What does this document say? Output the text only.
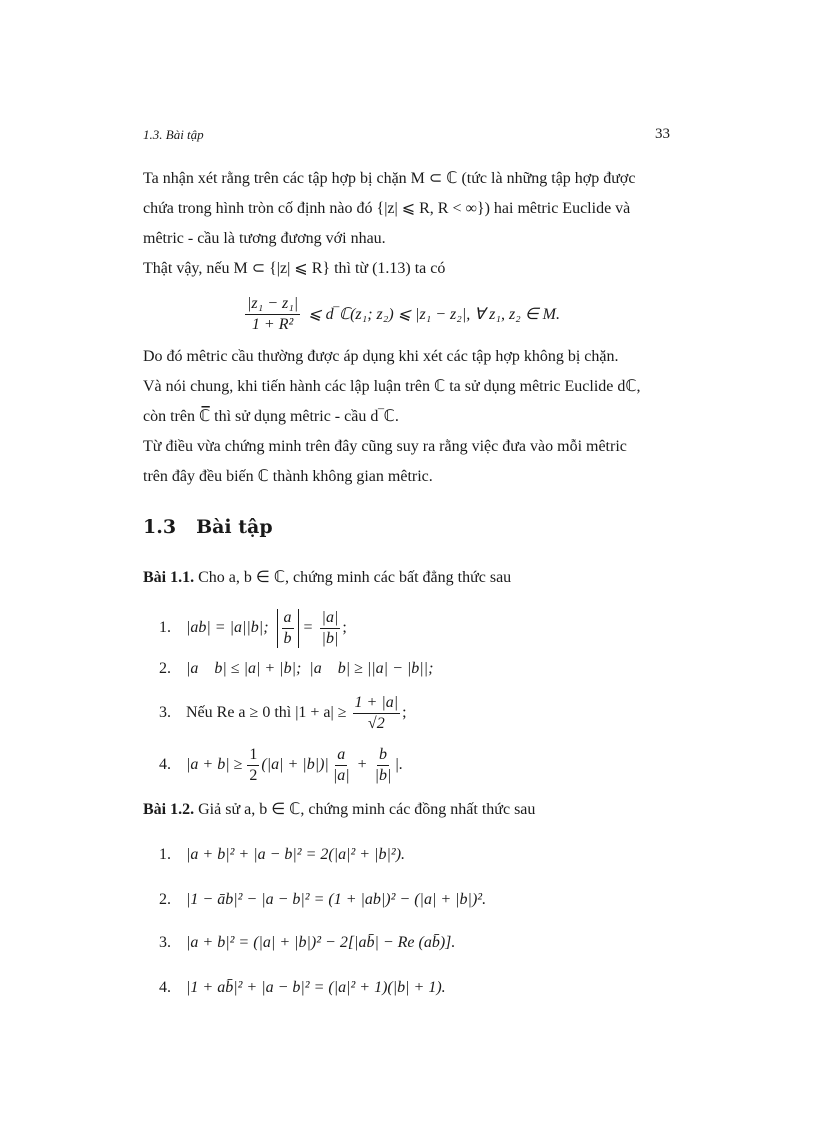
1.3. Bài tập	33

Ta nhận xét rằng trên các tập hợp bị chặn M ⊂ ℂ (tức là những tập hợp được
chứa trong hình tròn cố định nào đó {|z| ⩽ R, R < ∞}) hai mêtric Euclide và
mêtric - cầu là tương đương với nhau.
Thật vậy, nếu M ⊂ {|z| ⩽ R} thì từ (1.13) ta có

$\frac{\text{|z₁ − z₁|}}{\text{1 + R²}}$ ⩽ d‾ℂ(z₁; z₂) ⩽ |z₁ − z₂|, ∀ z₁, z₂ ∈ M.

Do đó mêtric cầu thường được áp dụng khi xét các tập hợp không bị chặn.
Và nói chung, khi tiến hành các lập luận trên ℂ ta sử dụng mêtric Euclide dℂ,
còn trên ℂ̅ thì sử dụng mêtric - cầu d‾ℂ.
Từ điều vừa chứng minh trên đây cũng suy ra rằng việc đưa vào mỗi mêtric
trên đây đều biến ℂ thành không gian mêtric.

1.3 Bài tập
Bài 1.1. Cho a, b ∈ ℂ, chứng minh các bất đẳng thức sau
1. |ab| = |a||b|; $\frac{a}{b} = \frac{|a|}{|b|}$ ;
2. |a    b| ≤ |a| + |b|;  |a    b| ≥ ||a| − |b||;
3. Nếu Re a ≥ 0 thì $|1 + a| \ge \frac{1 + |a|}{√2}$ ;
4. $|a + b| \ge \frac{1}{2} (|a| + |b|)| \frac{a}{|a|} + \frac{b}{|b|}$ |.
Bài 1.2. Giả sử a, b ∈ ℂ, chứng minh các đồng nhất thức sau
1. |a + b|² + |a − b|² = 2(|a|² + |b|²).
2. |1 − āb|² − |a − b|² = (1 + |ab|)² − (|a| + |b|)².
3. |a + b|² = (|a| + |b|)² − 2[|ab̄| − Re (ab̄)].
4. |1 + ab̄|² + |a − b|² = (|a|² + 1)(|b| + 1).
